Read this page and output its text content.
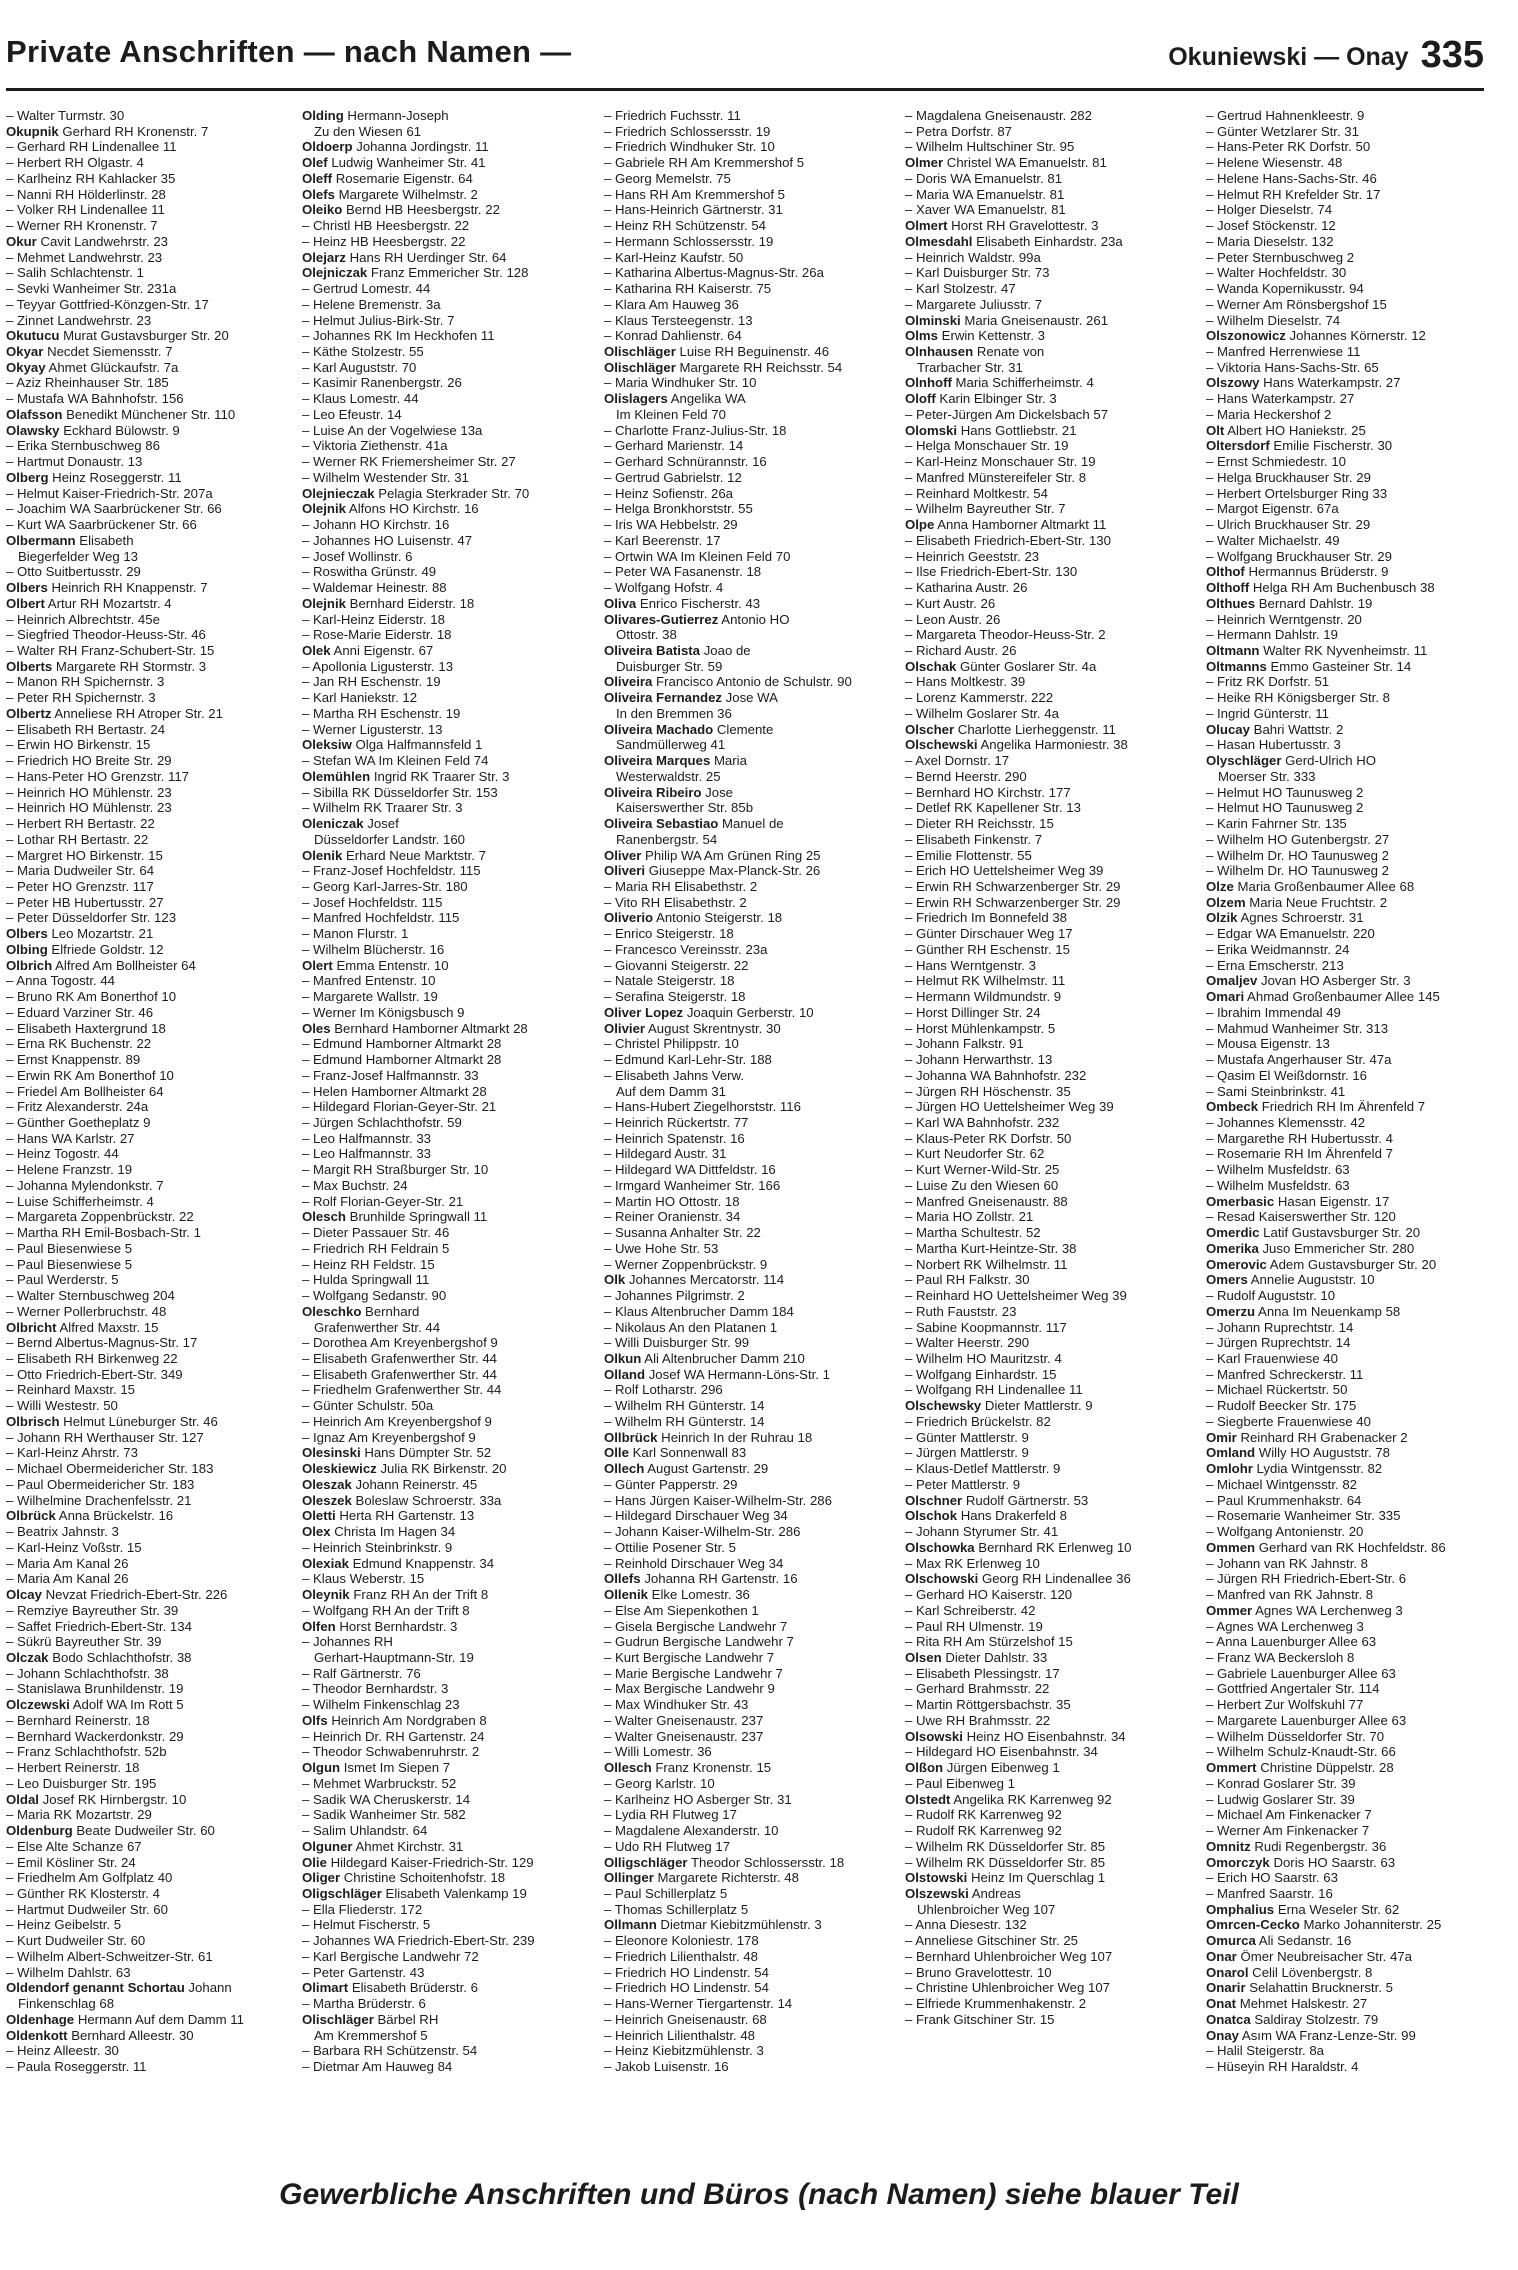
Private Anschriften — nach Namen —	Okuniewski — Onay 335
– Walter Turmstr. 30
Okupnik Gerhard RH Kronenstr. 7
– Gerhard RH Lindenallee 11
– Herbert RH Olgastr. 4
– Karlheinz RH Kahlacker 35
– Nanni RH Hölderlinstr. 28
– Volker RH Lindenallee 11
– Werner RH Kronenstr. 7
Okur Cavit Landwehrstr. 23
– Mehmet Landwehrstr. 23
– Salih Schlachtenstr. 1
– Sevki Wanheimer Str. 231a
– Teyyar Gottfried-Könzgen-Str. 17
– Zinnet Landwehrstr. 23
Okutucu Murat Gustavsburger Str. 20
Okyar Necdet Siemensstr. 7
Okyay Ahmet Glückaufstr. 7a
– Aziz Rheinhauser Str. 185
– Mustafa WA Bahnhofstr. 156
Olafsson Benedikt Münchener Str. 110
Olawsky Eckhard Bülowstr. 9
– Erika Sternbuschweg 86
– Hartmut Donaustr. 13
Olberg Heinz Roseggerstr. 11
– Helmut Kaiser-Friedrich-Str. 207a
– Joachim WA Saarbrückener Str. 66
– Kurt WA Saarbrückener Str. 66
Olbermann Elisabeth
Biegerfelder Weg 13
– Otto Suitbertusstr. 29
Olbers Heinrich RH Knappenstr. 7
Olbert Artur RH Mozartstr. 4
– Heinrich Albrechtstr. 45e
– Siegfried Theodor-Heuss-Str. 46
– Walter RH Franz-Schubert-Str. 15
Olberts Margarete RH Stormstr. 3
– Manon RH Spichernstr. 3
– Peter RH Spichernstr. 3
Olbertz Anneliese RH Atroper Str. 21
– Elisabeth RH Bertastr. 24
– Erwin HO Birkenstr. 15
– Friedrich HO Breite Str. 29
– Hans-Peter HO Grenzstr. 117
– Heinrich HO Mühlenstr. 23
– Heinrich HO Mühlenstr. 23
– Herbert RH Bertastr. 22
– Lothar RH Bertastr. 22
– Margret HO Birkenstr. 15
– Maria Dudweiler Str. 64
– Peter HO Grenzstr. 117
– Peter HB Hubertusstr. 27
– Peter Düsseldorfer Str. 123
Olbers Leo Mozartstr. 21
Olbing Elfriede Goldstr. 12
Olbrich Alfred Am Bollheister 64
– Anna Togostr. 44
– Bruno RK Am Bonerthof 10
– Eduard Varziner Str. 46
– Elisabeth Haxtergrund 18
– Erna RK Buchenstr. 22
– Ernst Knappenstr. 89
– Erwin RK Am Bonerthof 10
– Friedel Am Bollheister 64
– Fritz Alexanderstr. 24a
– Günther Goetheplatz 9
– Hans WA Karlstr. 27
– Heinz Togostr. 44
– Helene Franzstr. 19
– Johanna Mylendonkstr. 7
– Luise Schifferheimstr. 4
– Margareta Zoppenbrückstr. 22
– Martha RH Emil-Bosbach-Str. 1
– Paul Biesenwiese 5
– Paul Biesenwiese 5
– Paul Werderstr. 5
– Walter Sternbuschweg 204
– Werner Pollerbruchstr. 48
Olbricht Alfred Maxstr. 15
– Bernd Albertus-Magnus-Str. 17
– Elisabeth RH Birkenweg 22
– Otto Friedrich-Ebert-Str. 349
– Reinhard Maxstr. 15
– Willi Westestr. 50
Olbrisch Helmut Lüneburger Str. 46
– Johann RH Werthauser Str. 127
– Karl-Heinz Ahrstr. 73
– Michael Obermeidericher Str. 183
– Paul Obermeidericher Str. 183
– Wilhelmine Drachenfelsstr. 21
Olbrück Anna Brückelstr. 16
– Beatrix Jahnstr. 3
– Karl-Heinz Voßstr. 15
– Maria Am Kanal 26
– Maria Am Kanal 26
Olcay Nevzat Friedrich-Ebert-Str. 226
– Remziye Bayreuther Str. 39
– Saffet Friedrich-Ebert-Str. 134
– Sükrü Bayreuther Str. 39
Olczak Bodo Schlachthofstr. 38
– Johann Schlachthofstr. 38
– Stanislawa Brunhildenstr. 19
Olczewski Adolf WA Im Rott 5
– Bernhard Reinerstr. 18
– Bernhard Wackerdonkstr. 29
– Franz Schlachthofstr. 52b
– Herbert Reinerstr. 18
– Leo Duisburger Str. 195
Oldal Josef RK Hirnbergstr. 10
– Maria RK Mozartstr. 29
Oldenburg Beate Dudweiler Str. 60
– Else Alte Schanze 67
– Emil Kösliner Str. 24
– Friedhelm Am Golfplatz 40
– Günther RK Klosterstr. 4
– Hartmut Dudweiler Str. 60
– Heinz Geibelstr. 5
– Kurt Dudweiler Str. 60
– Wilhelm Albert-Schweitzer-Str. 61
– Wilhelm Dahlstr. 63
Oldendorf genannt Schortau Johann
Finkenschlag 68
Oldenhage Hermann Auf dem Damm 11
Oldenkott Bernhard Alleestr. 30
– Heinz Alleestr. 30
– Paula Roseggerstr. 11
Olding Hermann-Joseph
Zu den Wiesen 61
Oldoerp Johanna Jordingstr. 11
Olef Ludwig Wanheimer Str. 41
Oleff Rosemarie Eigenstr. 64
Olefs Margarete Wilhelmstr. 2
Oleiko Bernd HB Heesbergstr. 22
– Christl HB Heesbergstr. 22
– Heinz HB Heesbergstr. 22
Olejarz Hans RH Uerdinger Str. 64
Olejniczak Franz Emmericher Str. 128
– Gertrud Lomestr. 44
– Helene Bremenstr. 3a
– Helmut Julius-Birk-Str. 7
– Johannes RK Im Heckhofen 11
– Käthe Stolzestr. 55
– Karl Auguststr. 70
– Kasimir Ranenbergstr. 26
– Klaus Lomestr. 44
– Leo Efeustr. 14
– Luise An der Vogelwiese 13a
– Viktoria Ziethenstr. 41a
– Werner RK Friemersheimer Str. 27
– Wilhelm Westender Str. 31
Olejnieczak Pelagia Sterkrader Str. 70
Olejnik Alfons HO Kirchstr. 16
– Johann HO Kirchstr. 16
– Johannes HO Luisenstr. 47
– Josef Wollinstr. 6
– Roswitha Grünstr. 49
– Waldemar Heinestr. 88
Olejnik Bernhard Eiderstr. 18
– Karl-Heinz Eiderstr. 18
– Rose-Marie Eiderstr. 18
Olek Anni Eigenstr. 67
– Apollonia Ligusterstr. 13
– Jan RH Eschenstr. 19
– Karl Haniekstr. 12
– Martha RH Eschenstr. 19
– Werner Ligusterstr. 13
Oleksiw Olga Halfmannsfeld 1
– Stefan WA Im Kleinen Feld 74
Olemühlen Ingrid RK Traarer Str. 3
– Sibilla RK Düsseldorfer Str. 153
– Wilhelm RK Traarer Str. 3
Oleniczak Josef
Düsseldorfer Landstr. 160
Olenik Erhard Neue Marktstr. 7
– Franz-Josef Hochfeldstr. 115
– Georg Karl-Jarres-Str. 180
– Josef Hochfeldstr. 115
– Manfred Hochfeldstr. 115
– Manon Flurstr. 1
– Wilhelm Blücherstr. 16
Olert Emma Entenstr. 10
– Manfred Entenstr. 10
– Margarete Wallstr. 19
– Werner Im Königsbusch 9
Oles Bernhard Hamborner Altmarkt 28
– Edmund Hamborner Altmarkt 28
– Edmund Hamborner Altmarkt 28
– Franz-Josef Halfmannstr. 33
– Helen Hamborner Altmarkt 28
– Hildegard Florian-Geyer-Str. 21
– Jürgen Schlachthofstr. 59
– Leo Halfmannstr. 33
– Leo Halfmannstr. 33
– Margit RH Straßburger Str. 10
– Max Buchstr. 24
– Rolf Florian-Geyer-Str. 21
Olesch Brunhilde Springwall 11
– Dieter Passauer Str. 46
– Friedrich RH Feldrain 5
– Heinz RH Feldstr. 15
– Hulda Springwall 11
– Wolfgang Sedanstr. 90
Oleschko Bernhard
Grafenwerther Str. 44
– Dorothea Am Kreyenbergshof 9
– Elisabeth Grafenwerther Str. 44
– Elisabeth Grafenwerther Str. 44
– Friedhelm Grafenwerther Str. 44
– Günter Schulstr. 50a
– Heinrich Am Kreyenbergshof 9
– Ignaz Am Kreyenbergshof 9
Olesinski Hans Dümpter Str. 52
Oleskiewicz Julia RK Birkenstr. 20
Oleszak Johann Reinerstr. 45
Oleszek Boleslaw Schroerstr. 33a
Oletti Herta RH Gartenstr. 13
Olex Christa Im Hagen 34
– Heinrich Steinbrinkstr. 9
Olexiak Edmund Knappenstr. 34
– Klaus Weberstr. 15
Oleynik Franz RH An der Trift 8
– Wolfgang RH An der Trift 8
Olfen Horst Bernhardstr. 3
– Johannes RH
Gerhart-Hauptmann-Str. 19
– Ralf Gärtnerstr. 76
– Theodor Bernhardstr. 3
– Wilhelm Finkenschlag 23
Olfs Heinrich Am Nordgraben 8
– Heinrich Dr. RH Gartenstr. 24
– Theodor Schwabenruhrstr. 2
Olgun Ismet Im Siepen 7
– Mehmet Warbruckstr. 52
– Sadik WA Cheruskerstr. 14
– Sadik Wanheimer Str. 582
– Salim Uhlandstr. 64
Olguner Ahmet Kirchstr. 31
Olie Hildegard Kaiser-Friedrich-Str. 129
Oliger Christine Schoitenhofstr. 18
Oligschläger Elisabeth Valenkamp 19
– Ella Fliederstr. 172
– Helmut Fischerstr. 5
– Johannes WA Friedrich-Ebert-Str. 239
– Karl Bergische Landwehr 72
– Peter Gartenstr. 43
Olimart Elisabeth Brüderstr. 6
– Martha Brüderstr. 6
Olischläger Bärbel RH
Am Kremmershof 5
– Barbara RH Schützenstr. 54
– Dietmar Am Hauweg 84
– Friedrich Fuchsstr. 11
– Friedrich Schlossersstr. 19
– Friedrich Windhuker Str. 10
– Gabriele RH Am Kremmershof 5
– Georg Memelstr. 75
– Hans RH Am Kremmershof 5
– Hans-Heinrich Gärtnerstr. 31
– Heinz RH Schützenstr. 54
– Hermann Schlossersstr. 19
– Karl-Heinz Kaufstr. 50
– Katharina Albertus-Magnus-Str. 26a
– Katharina RH Kaiserstr. 75
– Klara Am Hauweg 36
– Klaus Tersteegenstr. 13
– Konrad Dahlienstr. 64
Olischläger Luise RH Beguinenstr. 46
Olischläger Margarete RH Reichsstr. 54
– Maria Windhuker Str. 10
Olislagers Angelika WA
Im Kleinen Feld 70
– Charlotte Franz-Julius-Str. 18
– Gerhard Marienstr. 14
– Gerhard Schnürannstr. 16
– Gertrud Gabrielstr. 12
– Heinz Sofienstr. 26a
– Helga Bronkhorststr. 55
– Iris WA Hebbelstr. 29
– Karl Beerenstr. 17
– Ortwin WA Im Kleinen Feld 70
– Peter WA Fasanenstr. 18
– Wolfgang Hofstr. 4
Oliva Enrico Fischerstr. 43
Olivares-Gutierrez Antonio HO
Ottostr. 38
Oliveira Batista Joao de
Duisburger Str. 59
Oliveira Francisco Antonio de Schulstr. 90
Oliveira Fernandez Jose WA
In den Bremmen 36
Oliveira Machado Clemente
Sandmüllerweg 41
Oliveira Marques Maria
Westerwaldstr. 25
Oliveira Ribeiro Jose
Kaiserswerther Str. 85b
Oliveira Sebastiao Manuel de
Ranenbergstr. 54
Oliver Philip WA Am Grünen Ring 25
Oliveri Giuseppe Max-Planck-Str. 26
– Maria RH Elisabethstr. 2
– Vito RH Elisabethstr. 2
Oliverio Antonio Steigerstr. 18
– Enrico Steigerstr. 18
– Francesco Vereinsstr. 23a
– Giovanni Steigerstr. 22
– Natale Steigerstr. 18
– Serafina Steigerstr. 18
Oliver Lopez Joaquin Gerberstr. 10
Olivier August Skrentnystr. 30
– Christel Philippstr. 10
– Edmund Karl-Lehr-Str. 188
– Elisabeth Jahns Verw.
Auf dem Damm 31
– Hans-Hubert Ziegelhorststr. 116
– Heinrich Rückertstr. 77
– Heinrich Spatenstr. 16
– Hildegard Austr. 31
– Hildegard WA Dittfeldstr. 16
– Irmgard Wanheimer Str. 166
– Martin HO Ottostr. 18
– Reiner Oranienstr. 34
– Susanna Anhalter Str. 22
– Uwe Hohe Str. 53
– Werner Zoppenbrückstr. 9
Olk Johannes Mercatorstr. 114
– Johannes Pilgrimstr. 2
– Klaus Altenbrucher Damm 184
– Nikolaus An den Platanen 1
– Willi Duisburger Str. 99
Olkun Ali Altenbrucher Damm 210
Olland Josef WA Hermann-Löns-Str. 1
– Rolf Lotharstr. 296
– Wilhelm RH Günterstr. 14
– Wilhelm RH Günterstr. 14
Ollbrück Heinrich In der Ruhrau 18
Olle Karl Sonnenwall 83
Ollech August Gartenstr. 29
– Günter Papperstr. 29
– Hans Jürgen Kaiser-Wilhelm-Str. 286
– Hildegard Dirschauer Weg 34
– Johann Kaiser-Wilhelm-Str. 286
– Ottilie Posener Str. 5
– Reinhold Dirschauer Weg 34
Ollefs Johanna RH Gartenstr. 16
Ollenik Elke Lomestr. 36
– Else Am Siepenkothen 1
– Gisela Bergische Landwehr 7
– Gudrun Bergische Landwehr 7
– Kurt Bergische Landwehr 7
– Marie Bergische Landwehr 7
– Max Bergische Landwehr 9
– Max Windhuker Str. 43
– Walter Gneisenaustr. 237
– Walter Gneisenaustr. 237
– Willi Lomestr. 36
Ollesch Franz Kronenstr. 15
– Georg Karlstr. 10
– Karlheinz HO Asberger Str. 31
– Lydia RH Flutweg 17
– Magdalene Alexanderstr. 10
– Udo RH Flutweg 17
Olligschläger Theodor Schlossersstr. 18
Ollinger Margarete Richterstr. 48
– Paul Schillerplatz 5
– Thomas Schillerplatz 5
Ollmann Dietmar Kiebitzmühlenstr. 3
– Eleonore Koloniestr. 178
– Friedrich Lilienthalstr. 48
– Friedrich HO Lindenstr. 54
– Friedrich HO Lindenstr. 54
– Hans-Werner Tiergartenstr. 14
– Heinrich Gneisenaustr. 68
– Heinrich Lilienthalstr. 48
– Heinz Kiebitzmühlenstr. 3
– Jakob Luisenstr. 16
– Magdalena Gneisenaustr. 282
– Petra Dorfstr. 87
– Wilhelm Hultschiner Str. 95
Olmer Christel WA Emanuelstr. 81
– Doris WA Emanuelstr. 81
– Maria WA Emanuelstr. 81
– Xaver WA Emanuelstr. 81
Olmert Horst RH Gravelottestr. 3
Olmesdahl Elisabeth Einhardstr. 23a
– Heinrich Waldstr. 99a
– Karl Duisburger Str. 73
– Karl Stolzestr. 47
– Margarete Juliusstr. 7
Olminski Maria Gneisenaustr. 261
Olms Erwin Kettenstr. 3
Olnhausen Renate von
Trarbacher Str. 31
Olnhoff Maria Schifferheimstr. 4
Oloff Karin Elbinger Str. 3
– Peter-Jürgen Am Dickelsbach 57
Olomski Hans Gottliebstr. 21
– Helga Monschauer Str. 19
– Karl-Heinz Monschauer Str. 19
– Manfred Münstereifeler Str. 8
– Reinhard Moltkestr. 54
– Wilhelm Bayreuther Str. 7
Olpe Anna Hamborner Altmarkt 11
– Elisabeth Friedrich-Ebert-Str. 130
– Heinrich Geeststr. 23
– Ilse Friedrich-Ebert-Str. 130
– Katharina Austr. 26
– Kurt Austr. 26
– Leon Austr. 26
– Margareta Theodor-Heuss-Str. 2
– Richard Austr. 26
Olschak Günter Goslarer Str. 4a
– Hans Moltkestr. 39
– Lorenz Kammerstr. 222
– Wilhelm Goslarer Str. 4a
Olscher Charlotte Lierheggenstr. 11
Olschewski Angelika Harmoniestr. 38
– Axel Dornstr. 17
– Bernd Heerstr. 290
– Bernhard HO Kirchstr. 177
– Detlef RK Kapellener Str. 13
– Dieter RH Reichsstr. 15
– Elisabeth Finkenstr. 7
– Emilie Flottenstr. 55
– Erich HO Uettelsheimer Weg 39
– Erwin RH Schwarzenberger Str. 29
– Erwin RH Schwarzenberger Str. 29
– Friedrich Im Bonnefeld 38
– Günter Dirschauer Weg 17
– Günther RH Eschenstr. 15
– Hans Werntgenstr. 3
– Helmut RK Wilhelmstr. 11
– Hermann Wildmundstr. 9
– Horst Dillinger Str. 24
– Horst Mühlenkampstr. 5
– Johann Falkstr. 91
– Johann Herwarthstr. 13
– Johanna WA Bahnhofstr. 232
– Jürgen RH Höschenstr. 35
– Jürgen HO Uettelsheimer Weg 39
– Karl WA Bahnhofstr. 232
– Klaus-Peter RK Dorfstr. 50
– Kurt Neudorfer Str. 62
– Kurt Werner-Wild-Str. 25
– Luise Zu den Wiesen 60
– Manfred Gneisenaustr. 88
– Maria HO Zollstr. 21
– Martha Schultestr. 52
– Martha Kurt-Heintze-Str. 38
– Norbert RK Wilhelmstr. 11
– Paul RH Falkstr. 30
– Reinhard HO Uettelsheimer Weg 39
– Ruth Fauststr. 23
– Sabine Koopmannstr. 117
– Walter Heerstr. 290
– Wilhelm HO Mauritzstr. 4
– Wolfgang Einhardstr. 15
– Wolfgang RH Lindenallee 11
Olschewsky Dieter Mattlerstr. 9
– Friedrich Brückelstr. 82
– Günter Mattlerstr. 9
– Jürgen Mattlerstr. 9
– Klaus-Detlef Mattlerstr. 9
– Peter Mattlerstr. 9
Olschner Rudolf Gärtnerstr. 53
Olschok Hans Drakerfeld 8
– Johann Styrumer Str. 41
Olschowka Bernhard RK Erlenweg 10
– Max RK Erlenweg 10
Olschowski Georg RH Lindenallee 36
– Gerhard HO Kaiserstr. 120
– Karl Schreiberstr. 42
– Paul RH Ulmenstr. 19
– Rita RH Am Stürzelshof 15
Olsen Dieter Dahlstr. 33
– Elisabeth Plessingstr. 17
– Gerhard Brahmsstr. 22
– Martin Röttgersbachstr. 35
– Uwe RH Brahmsstr. 22
Olsowski Heinz HO Eisenbahnstr. 34
– Hildegard HO Eisenbahnstr. 34
Olßon Jürgen Eibenweg 1
– Paul Eibenweg 1
Olstedt Angelika RK Karrenweg 92
– Rudolf RK Karrenweg 92
– Rudolf RK Karrenweg 92
– Wilhelm RK Düsseldorfer Str. 85
– Wilhelm RK Düsseldorfer Str. 85
Olstowski Heinz Im Querschlag 1
Olszewski Andreas
Uhlenbroicher Weg 107
– Anna Diesestr. 132
– Anneliese Gitschiner Str. 25
– Bernhard Uhlenbroicher Weg 107
– Bruno Gravelottestr. 10
– Christine Uhlenbroicher Weg 107
– Elfriede Krummenhakenstr. 2
– Frank Gitschiner Str. 15
– Gertrud Hahnenkleestr. 9
– Günter Wetzlarer Str. 31
– Hans-Peter RK Dorfstr. 50
– Helene Wiesenstr. 48
– Helene Hans-Sachs-Str. 46
– Helmut RH Krefelder Str. 17
– Holger Dieselstr. 74
– Josef Stöckenstr. 12
– Maria Dieselstr. 132
– Peter Sternbuschweg 2
– Walter Hochfeldstr. 30
– Wanda Kopernikusstr. 94
– Werner Am Rönsbergshof 15
– Wilhelm Dieselstr. 74
Olszonowicz Johannes Körnerstr. 12
– Manfred Herrenwiese 11
– Viktoria Hans-Sachs-Str. 65
Olszowy Hans Waterkampstr. 27
– Hans Waterkampstr. 27
– Maria Heckershof 2
Olt Albert HO Haniekstr. 25
Oltersdorf Emilie Fischerstr. 30
– Ernst Schmiedestr. 10
– Helga Bruckhauser Str. 29
– Herbert Ortelsburger Ring 33
– Margot Eigenstr. 67a
– Ulrich Bruckhauser Str. 29
– Walter Michaelstr. 49
– Wolfgang Bruckhauser Str. 29
Olthof Hermannus Brüderstr. 9
Olthoff Helga RH Am Buchenbusch 38
Olthues Bernard Dahlstr. 19
– Heinrich Werntgenstr. 20
– Hermann Dahlstr. 19
Oltmann Walter RK Nyvenheimstr. 11
Oltmanns Emmo Gasteiner Str. 14
– Fritz RK Dorfstr. 51
– Heike RH Königsberger Str. 8
– Ingrid Günterstr. 11
Olucay Bahri Wattstr. 2
– Hasan Hubertusstr. 3
Olyschläger Gerd-Ulrich HO
Moerser Str. 333
– Helmut HO Taunusweg 2
– Helmut HO Taunusweg 2
– Karin Fahrner Str. 135
– Wilhelm HO Gutenbergstr. 27
– Wilhelm Dr. HO Taunusweg 2
– Wilhelm Dr. HO Taunusweg 2
Olze Maria Großenbaumer Allee 68
Olzem Maria Neue Fruchtstr. 2
Olzik Agnes Schroerstr. 31
– Edgar WA Emanuelstr. 220
– Erika Weidmannstr. 24
– Erna Emscherstr. 213
Omaljev Jovan HO Asberger Str. 3
Omari Ahmad Großenbaumer Allee 145
– Ibrahim Immendal 49
– Mahmud Wanheimer Str. 313
– Mousa Eigenstr. 13
– Mustafa Angerhauser Str. 47a
– Qasim El Weißdornstr. 16
– Sami Steinbrinkstr. 41
Ombeck Friedrich RH Im Ährenfeld 7
– Johannes Klemensstr. 42
– Margarethe RH Hubertusstr. 4
– Rosemarie RH Im Ährenfeld 7
– Wilhelm Musfeldstr. 63
– Wilhelm Musfeldstr. 63
Omerbasic Hasan Eigenstr. 17
– Resad Kaiserswerther Str. 120
Omerdic Latif Gustavsburger Str. 20
Omerika Juso Emmericher Str. 280
Omerovic Adem Gustavsburger Str. 20
Omers Annelie Auguststr. 10
– Rudolf Auguststr. 10
Omerzu Anna Im Neuenkamp 58
– Johann Ruprechtstr. 14
– Jürgen Ruprechtstr. 14
– Karl Frauenwiese 40
– Manfred Schreckerstr. 11
– Michael Rückertstr. 50
– Rudolf Beecker Str. 175
– Siegberte Frauenwiese 40
Omir Reinhard RH Grabenacker 2
Omland Willy HO Auguststr. 78
Omlohr Lydia Wintgensstr. 82
– Michael Wintgensstr. 82
– Paul Krummenhakstr. 64
– Rosemarie Wanheimer Str. 335
– Wolfgang Antonienstr. 20
Ommen Gerhard van RK Hochfeldstr. 86
– Johann van RK Jahnstr. 8
– Jürgen RH Friedrich-Ebert-Str. 6
– Manfred van RK Jahnstr. 8
Ommer Agnes WA Lerchenweg 3
– Agnes WA Lerchenweg 3
– Anna Lauenburger Allee 63
– Franz WA Beckersloh 8
– Gabriele Lauenburger Allee 63
– Gottfried Angertaler Str. 114
– Herbert Zur Wolfskuhl 77
– Margarete Lauenburger Allee 63
– Wilhelm Düsseldorfer Str. 70
– Wilhelm Schulz-Knaudt-Str. 66
Ommert Christine Düppelstr. 28
– Konrad Goslarer Str. 39
– Ludwig Goslarer Str. 39
– Michael Am Finkenacker 7
– Werner Am Finkenacker 7
Omnitz Rudi Regenbergstr. 36
Omorczyk Doris HO Saarstr. 63
– Erich HO Saarstr. 63
– Manfred Saarstr. 16
Omphalius Erna Weseler Str. 62
Omrcen-Cecko Marko Johanniterstr. 25
Omurca Ali Sedanstr. 16
Onar Ömer Neubreisacher Str. 47a
Onarol Celil Lövenbergstr. 8
Onarir Selahattin Brucknerstr. 5
Onat Mehmet Halskestr. 27
Onatca Saldiray Stolzestr. 79
Onay Asım WA Franz-Lenze-Str. 99
– Halil Steigerstr. 8a
– Hüseyin RH Haraldstr. 4
Gewerbliche Anschriften und Büros (nach Namen) siehe blauer Teil
